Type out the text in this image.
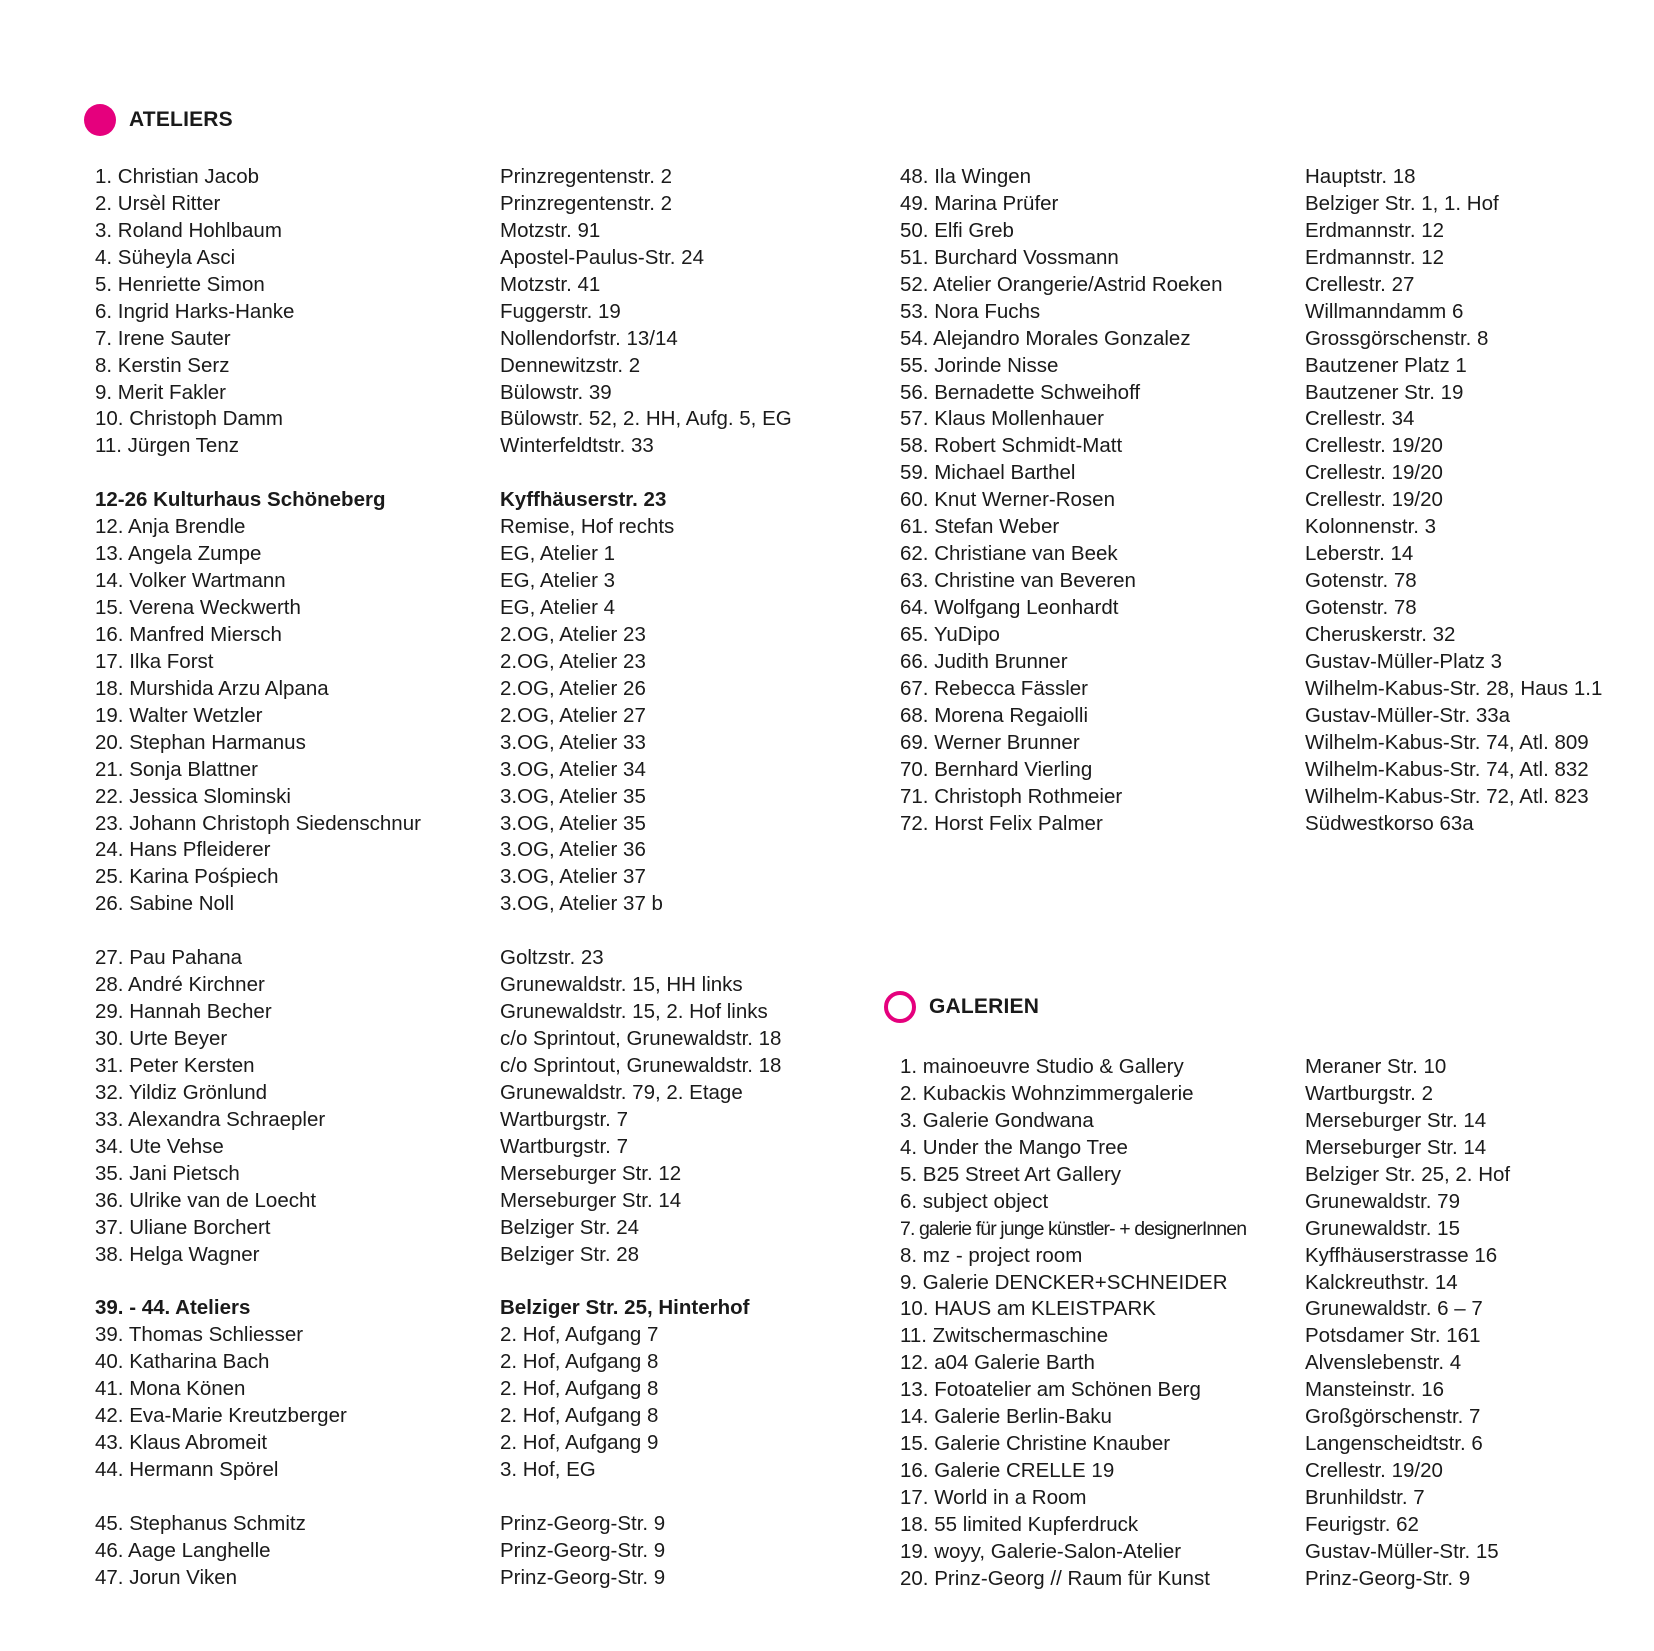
ATELIERS
1. Christian Jacob	Prinzregentenstr. 2
2. Ursèl Ritter	Prinzregentenstr. 2
3. Roland Hohlbaum	Motzstr. 91
4. Süheyla Asci	Apostel-Paulus-Str. 24
5. Henriette Simon	Motzstr. 41
6. Ingrid Harks-Hanke	Fuggerstr. 19
7. Irene Sauter	Nollendorfstr. 13/14
8. Kerstin Serz	Dennewitzstr. 2
9. Merit Fakler	Bülowstr. 39
10. Christoph Damm	Bülowstr. 52, 2. HH, Aufg. 5, EG
11. Jürgen Tenz	Winterfeldtstr. 33
12-26 Kulturhaus Schöneberg	Kyffhäuserstr. 23
12. Anja Brendle	Remise, Hof rechts
13. Angela Zumpe	EG, Atelier 1
14. Volker Wartmann	EG, Atelier 3
15. Verena Weckwerth	EG, Atelier 4
16. Manfred Miersch	2.OG, Atelier 23
17. Ilka Forst	2.OG, Atelier 23
18. Murshida Arzu Alpana	2.OG, Atelier 26
19. Walter Wetzler	2.OG, Atelier 27
20. Stephan Harmanus	3.OG, Atelier 33
21. Sonja Blattner	3.OG, Atelier 34
22. Jessica Slominski	3.OG, Atelier 35
23. Johann Christoph Siedenschnur	3.OG, Atelier 35
24. Hans Pfleiderer	3.OG, Atelier 36
25. Karina Pośpiech	3.OG, Atelier 37
26. Sabine Noll	3.OG, Atelier 37 b
27. Pau Pahana	Goltzstr. 23
28. André Kirchner	Grunewaldstr. 15, HH links
29. Hannah Becher	Grunewaldstr. 15, 2. Hof links
30. Urte Beyer	c/o Sprintout, Grunewaldstr. 18
31. Peter Kersten	c/o Sprintout, Grunewaldstr. 18
32. Yildiz Grönlund	Grunewaldstr. 79, 2. Etage
33. Alexandra Schraepler	Wartburgstr. 7
34. Ute Vehse	Wartburgstr. 7
35. Jani Pietsch	Merseburger Str. 12
36. Ulrike van de Loecht	Merseburger Str. 14
37. Uliane Borchert	Belziger Str. 24
38. Helga Wagner	Belziger Str. 28
39. - 44. Ateliers	Belziger Str. 25, Hinterhof
39. Thomas Schliesser	2. Hof, Aufgang 7
40. Katharina Bach	2. Hof, Aufgang 8
41. Mona Könen	2. Hof, Aufgang 8
42. Eva-Marie Kreutzberger	2. Hof, Aufgang 8
43. Klaus Abromeit	2. Hof, Aufgang 9
44. Hermann Spörel	3. Hof, EG
45. Stephanus Schmitz	Prinz-Georg-Str. 9
46. Aage Langhelle	Prinz-Georg-Str. 9
47. Jorun Viken	Prinz-Georg-Str. 9
48. Ila Wingen	Hauptstr. 18
49. Marina Prüfer	Belziger Str. 1, 1. Hof
50. Elfi Greb	Erdmannstr. 12
51. Burchard Vossmann	Erdmannstr. 12
52. Atelier Orangerie/Astrid Roeken	Crellestr. 27
53. Nora Fuchs	Willmanndamm 6
54. Alejandro Morales Gonzalez	Grossgörschenstr. 8
55. Jorinde Nisse	Bautzener Platz 1
56. Bernadette Schweihoff	Bautzener Str. 19
57. Klaus Mollenhauer	Crellestr. 34
58. Robert Schmidt-Matt	Crellestr. 19/20
59. Michael Barthel	Crellestr. 19/20
60. Knut Werner-Rosen	Crellestr. 19/20
61. Stefan Weber	Kolonnenstr. 3
62. Christiane van Beek	Leberstr. 14
63. Christine van Beveren	Gotenstr. 78
64. Wolfgang Leonhardt	Gotenstr. 78
65. YuDipo	Cheruskerstr. 32
66. Judith Brunner	Gustav-Müller-Platz 3
67. Rebecca Fässler	Wilhelm-Kabus-Str. 28, Haus 1.1
68. Morena Regaiolli	Gustav-Müller-Str. 33a
69. Werner Brunner	Wilhelm-Kabus-Str. 74, Atl. 809
70. Bernhard Vierling	Wilhelm-Kabus-Str. 74, Atl. 832
71. Christoph Rothmeier	Wilhelm-Kabus-Str. 72, Atl. 823
72. Horst Felix Palmer	Südwestkorso 63a
GALERIEN
1. mainoeuvre Studio & Gallery	Meraner Str. 10
2. Kubackis Wohnzimmergalerie	Wartburgstr. 2
3. Galerie Gondwana	Merseburger Str. 14
4. Under the Mango Tree	Merseburger Str. 14
5. B25 Street Art Gallery	Belziger Str. 25, 2. Hof
6. subject object	Grunewaldstr. 79
7. galerie für junge künstler- + designerInnen	Grunewaldstr. 15
8. mz - project room	Kyffhäuserstrasse 16
9. Galerie DENCKER+SCHNEIDER	Kalckreuthstr. 14
10. HAUS am KLEISTPARK	Grunewaldstr. 6 – 7
11. Zwitschermaschine	Potsdamer Str. 161
12. a04 Galerie Barth	Alvenslebenstr. 4
13. Fotoatelier am Schönen Berg	Mansteinstr. 16
14. Galerie Berlin-Baku	Großgörschenstr. 7
15. Galerie Christine Knauber	Langenscheidtstr. 6
16. Galerie CRELLE 19	Crellestr. 19/20
17. World in a Room	Brunhildstr. 7
18. 55 limited Kupferdruck	Feurigstr. 62
19. woyy, Galerie-Salon-Atelier	Gustav-Müller-Str. 15
20. Prinz-Georg // Raum für Kunst	Prinz-Georg-Str. 9
